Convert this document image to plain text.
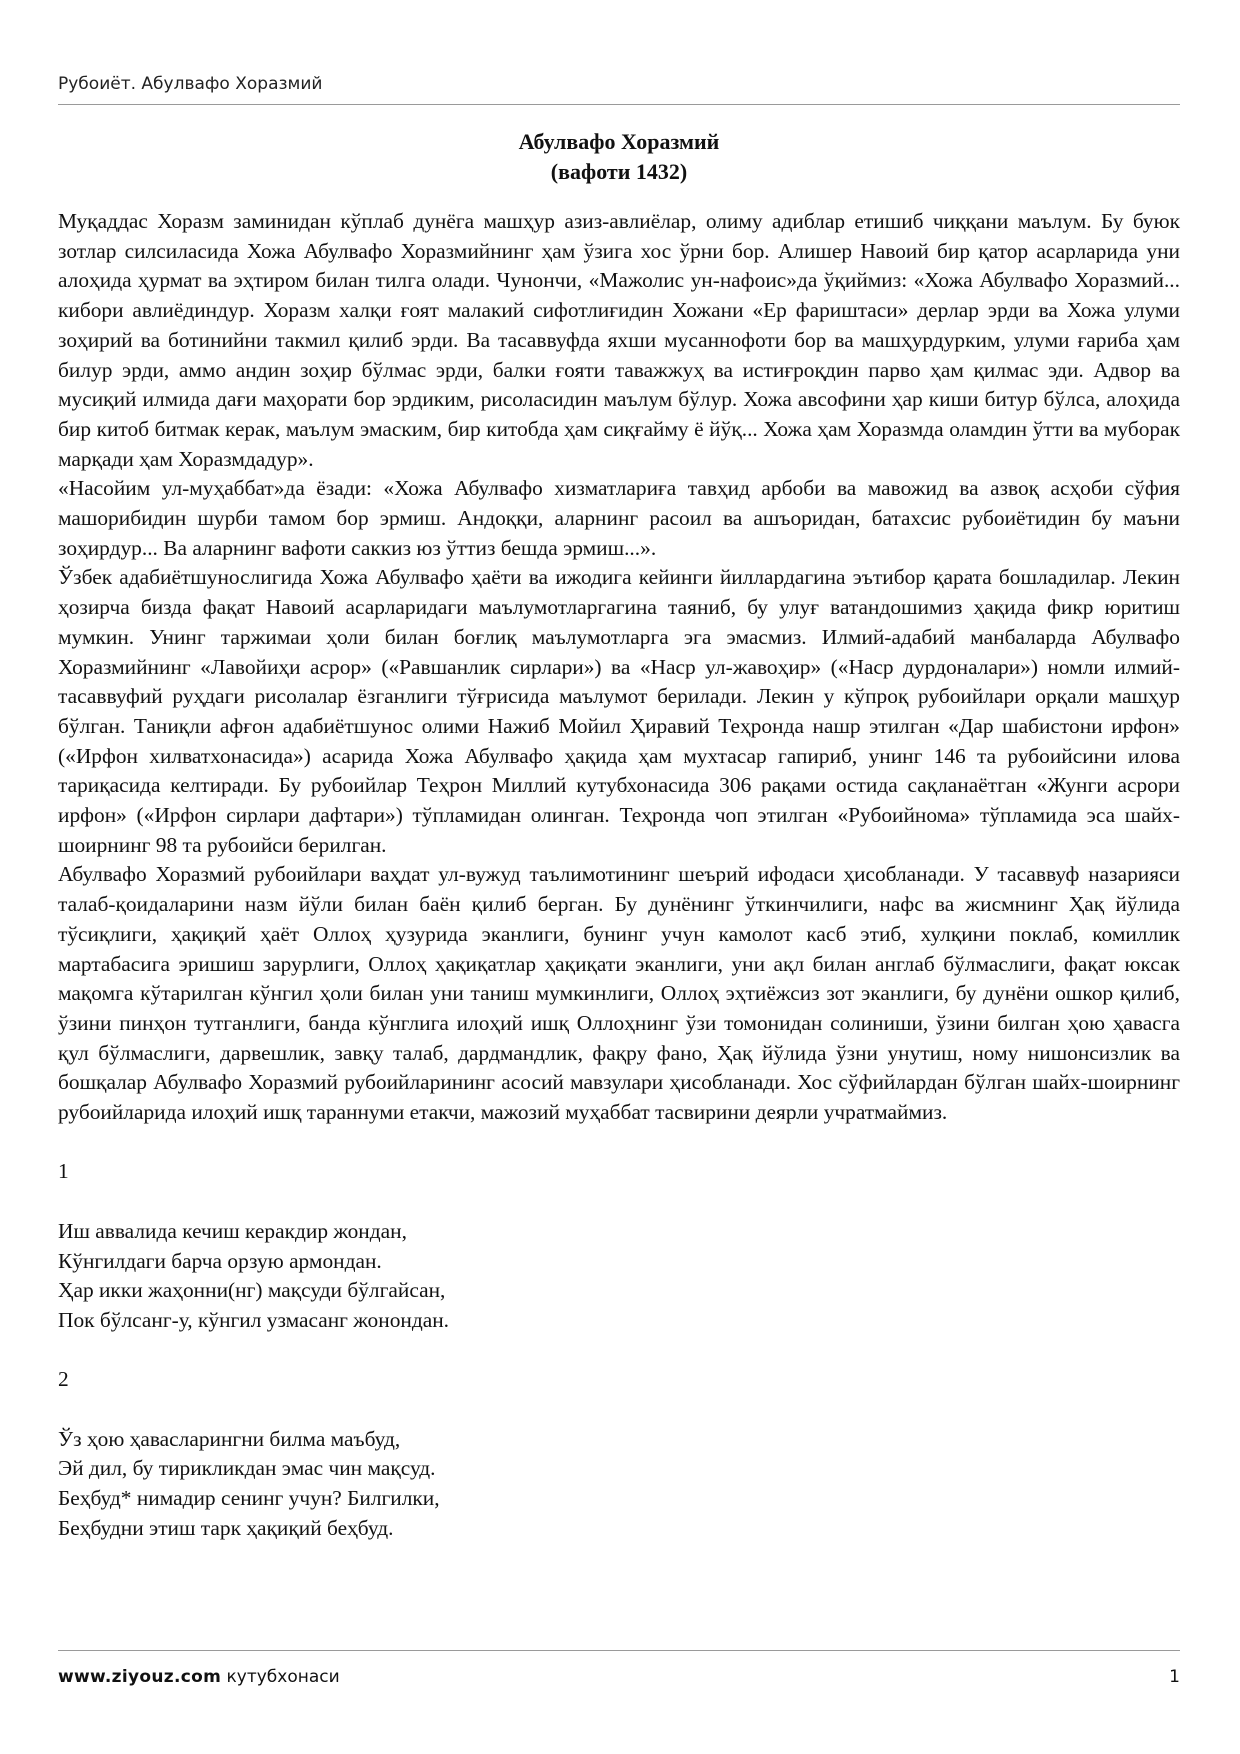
Рубоиёт. Абулвафо Хоразмий
Абулвафо Хоразмий
(вафоти 1432)

Муқаддас Хоразм заминидан кўплаб дунёга машҳур азиз-авлиёлар, олиму адиблар етишиб чиққани маълум. Бу буюк зотлар силсиласида Хожа Абулвафо Хоразмийнинг ҳам ўзига хос ўрни бор. Алишер Навоий бир қатор асарларида уни алоҳида ҳурмат ва эҳтиром билан тилга олади. Чунончи, «Мажолис ун-нафоис»да ўқиймиз: «Хожа Абулвафо Хоразмий... кибори авлиёдиндур. Хоразм халқи ғоят малакий сифотлиғидин Хожани «Ер фариштаси» дерлар эрди ва Хожа улуми зоҳирий ва ботинийни такмил қилиб эрди. Ва тасаввуфда яхши мусаннофоти бор ва машҳурдурким, улуми ғариба ҳам билур эрди, аммо андин зоҳир бўлмас эрди, балки ғояти таважжуҳ ва истиғроқдин парво ҳам қилмас эди. Адвор ва мусиқий илмида дағи маҳорати бор эрдиким, рисоласидин маълум бўлур. Хожа авсофини ҳар киши битур бўлса, алоҳида бир китоб битмак керак, маълум эмаским, бир китобда ҳам сиқғайму ё йўқ... Хожа ҳам Хоразмда оламдин ўтти ва муборак марқади ҳам Хоразмдадур».

«Насойим ул-муҳаббат»да ёзади: «Хожа Абулвафо хизматлариға тавҳид арбоби ва мавожид ва азвоқ асҳоби сўфия машорибидин шурби тамом бор эрмиш. Андоққи, аларнинг расоил ва ашъоридан, батахсис рубоиётидин бу маъни зоҳирдур... Ва аларнинг вафоти саккиз юз ўттиз бешда эрмиш...».

Ўзбек адабиётшунослигида Хожа Абулвафо ҳаёти ва ижодига кейинги йиллардагина эътибор қарата бошладилар. Лекин ҳозирча бизда фақат Навоий асарларидаги маълумотларгагина таяниб, бу улуғ ватандошимиз ҳақида фикр юритиш мумкин. Унинг таржимаи ҳоли билан боғлиқ маълумотларга эга эмасмиз. Илмий-адабий манбаларда Абулвафо Хоразмийнинг «Лавойиҳи асрор» («Равшанлик сирлари») ва «Наср ул-жавоҳир» («Наср дурдоналари») номли илмий-тасаввуфий руҳдаги рисолалар ёзганлиги тўғрисида маълумот берилади. Лекин у кўпроқ рубоийлари орқали машҳур бўлган. Таниқли афғон адабиётшунос олими Нажиб Мойил Ҳиравий Теҳронда нашр этилган «Дар шабистони ирфон» («Ирфон хилватхонасида») асарида Хожа Абулвафо ҳақида ҳам мухтасар гапириб, унинг 146 та рубоийсини илова тариқасида келтиради. Бу рубоийлар Теҳрон Миллий кутубхонасида 306 рақами остида сақланаётган «Жунги асрори ирфон» («Ирфон сирлари дафтари») тўпламидан олинган. Теҳронда чоп этилган «Рубоийнома» тўпламида эса шайх-шоирнинг 98 та рубоийси берилган.

Абулвафо Хоразмий рубоийлари ваҳдат ул-вужуд таълимотининг шеърий ифодаси ҳисобланади. У тасаввуф назарияси талаб-қоидаларини назм йўли билан баён қилиб берган. Бу дунёнинг ўткинчилиги, нафс ва жисмнинг Ҳақ йўлида тўсиқлиги, ҳақиқий ҳаёт Оллоҳ ҳузурида эканлиги, бунинг учун камолот касб этиб, хулқини поклаб, комиллик мартабасига эришиш зарурлиги, Оллоҳ ҳақиқатлар ҳақиқати эканлиги, уни ақл билан англаб бўлмаслиги, фақат юксак мақомга кўтарилган кўнгил ҳоли билан уни таниш мумкинлиги, Оллоҳ эҳтиёжсиз зот эканлиги, бу дунёни ошкор қилиб, ўзини пинҳон тутганлиги, банда кўнглига илоҳий ишқ Оллоҳнинг ўзи томонидан солиниши, ўзини билган ҳою ҳавасга қул бўлмаслиги, дарвешлик, завқу талаб, дардмандлик, фақру фано, Ҳақ йўлида ўзни унутиш, ному нишонсизлик ва бошқалар Абулвафо Хоразмий рубоийларининг асосий мавзулари ҳисобланади. Хос сўфийлардан бўлган шайх-шоирнинг рубоийларида илоҳий ишқ тараннуми етакчи, мажозий муҳаббат тасвирини деярли учратмаймиз.

1

Иш аввалида кечиш керакдир жондан,
Кўнгилдаги барча орзую армондан.
Ҳар икки жаҳонни(нг) мақсуди бўлгайсан,
Пок бўлсанг-у, кўнгил узмасанг жонондан.

2

Ўз ҳою ҳавасларингни билма маъбуд,
Эй дил, бу тирикликдан эмас чин мақсуд.
Беҳбуд* нимадир сенинг учун? Билгилки,
Беҳбудни этиш тарк ҳақиқий беҳбуд.
www.ziyouz.com кутубхонаси	1
